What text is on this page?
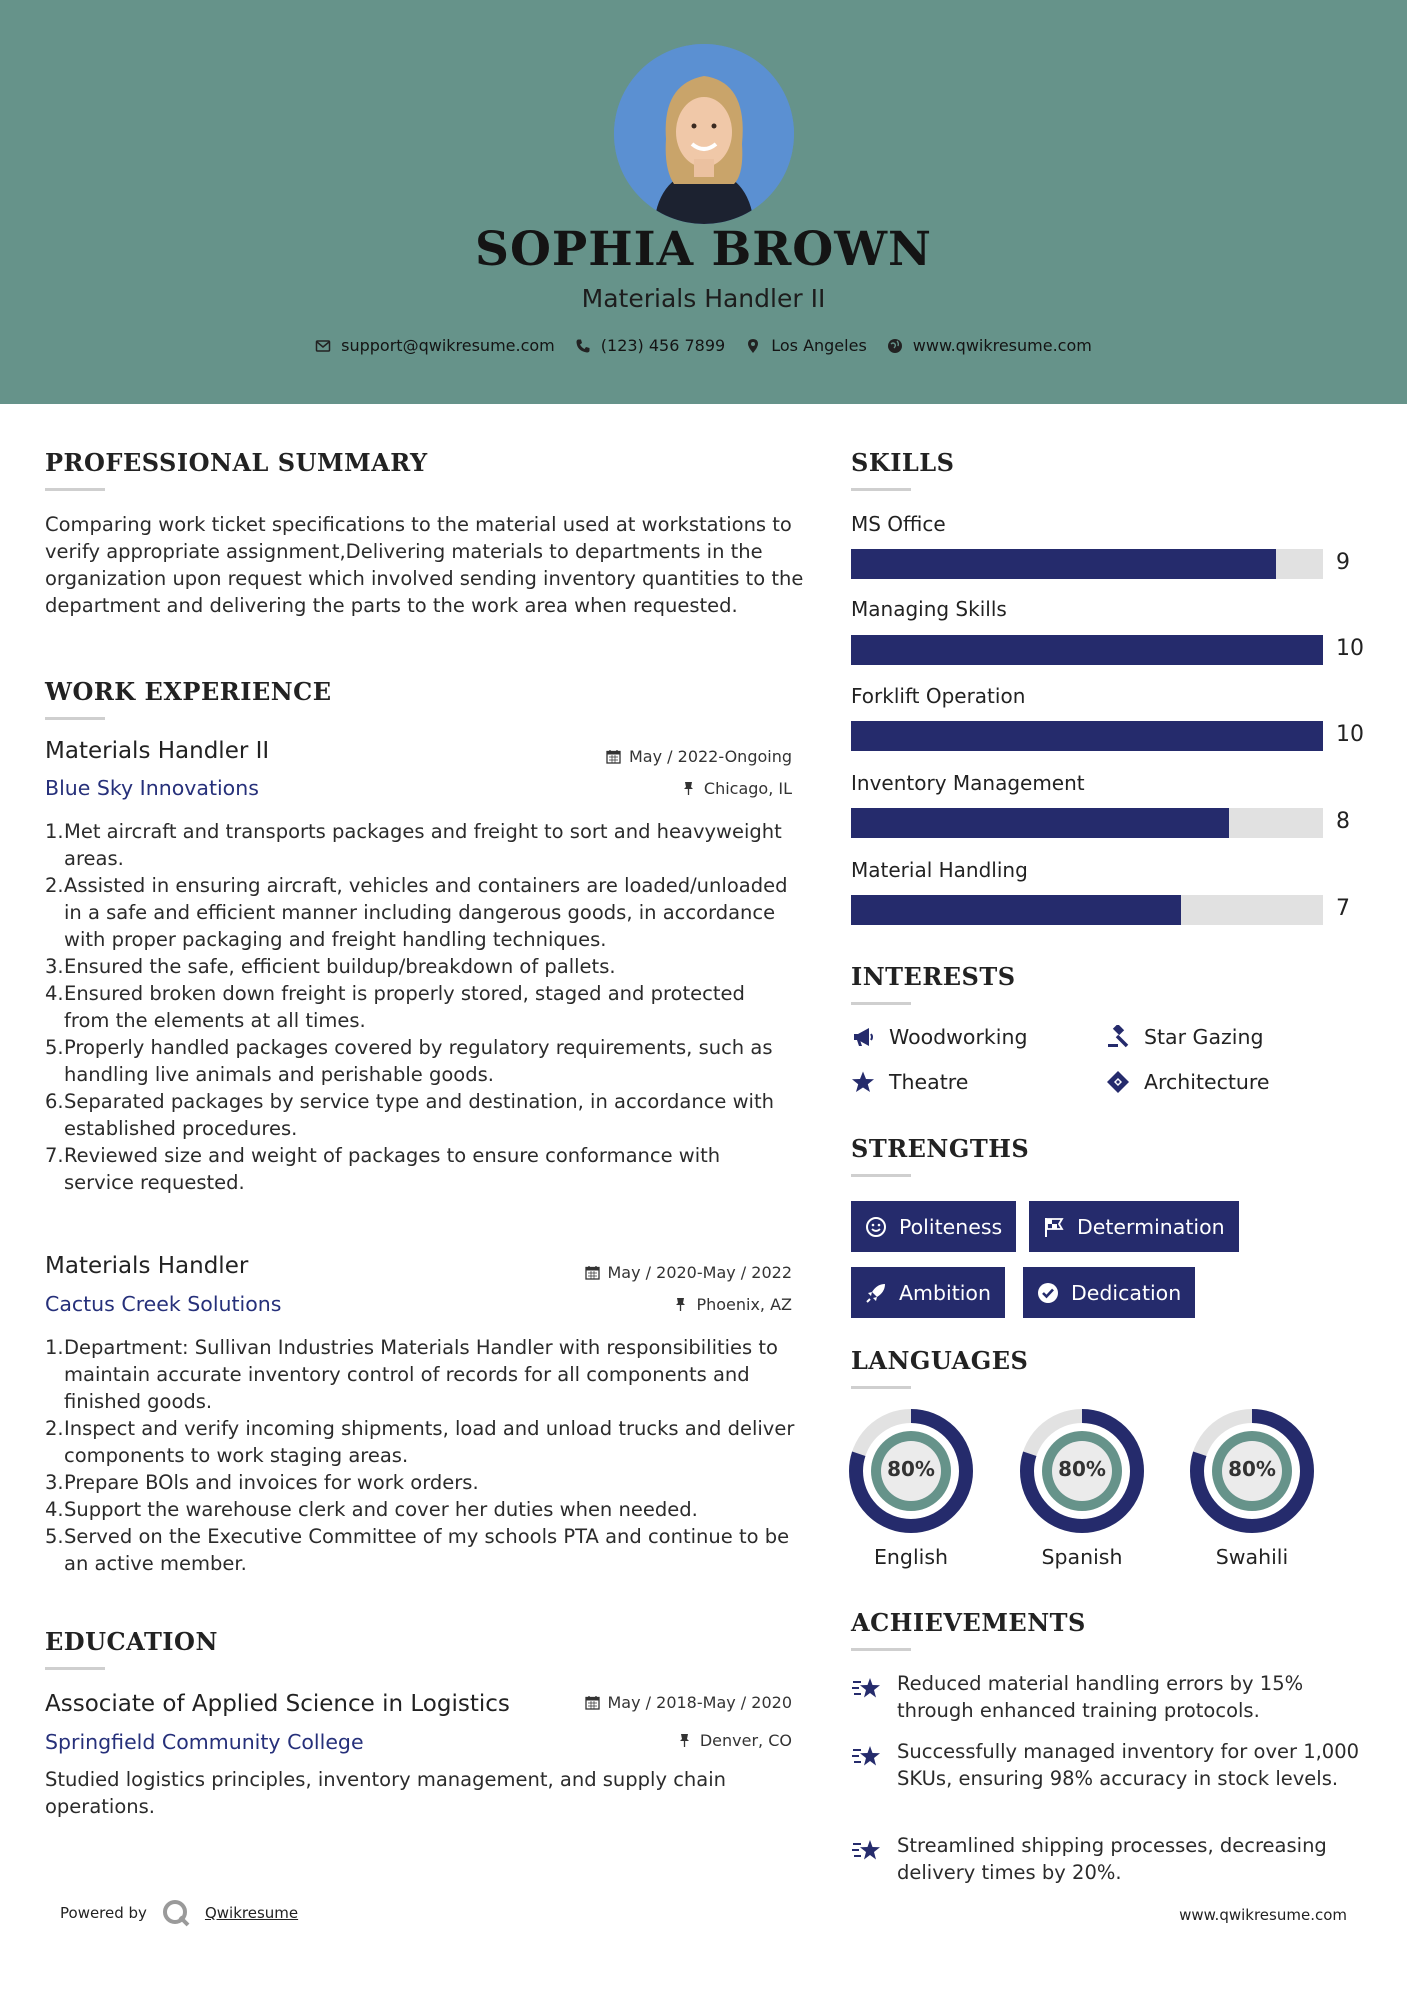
SOPHIA BROWN
Materials Handler II
support@qwikresume.com	(123) 456 7899	Los Angeles	www.qwikresume.com
PROFESSIONAL SUMMARY
Comparing work ticket specifications to the material used at workstations to verify appropriate assignment,Delivering materials to departments in the organization upon request which involved sending inventory quantities to the department and delivering the parts to the work area when requested.
WORK EXPERIENCE
Materials Handler II	May / 2022-Ongoing
Blue Sky Innovations	Chicago, IL
1. Met aircraft and transports packages and freight to sort and heavyweight areas.
2. Assisted in ensuring aircraft, vehicles and containers are loaded/unloaded in a safe and efficient manner including dangerous goods, in accordance with proper packaging and freight handling techniques.
3. Ensured the safe, efficient buildup/breakdown of pallets.
4. Ensured broken down freight is properly stored, staged and protected from the elements at all times.
5. Properly handled packages covered by regulatory requirements, such as handling live animals and perishable goods.
6. Separated packages by service type and destination, in accordance with established procedures.
7. Reviewed size and weight of packages to ensure conformance with service requested.
Materials Handler	May / 2020-May / 2022
Cactus Creek Solutions	Phoenix, AZ
1. Department: Sullivan Industries Materials Handler with responsibilities to maintain accurate inventory control of records for all components and finished goods.
2. Inspect and verify incoming shipments, load and unload trucks and deliver components to work staging areas.
3. Prepare BOls and invoices for work orders.
4. Support the warehouse clerk and cover her duties when needed.
5. Served on the Executive Committee of my schools PTA and continue to be an active member.
EDUCATION
Associate of Applied Science in Logistics	May / 2018-May / 2020
Springfield Community College	Denver, CO
Studied logistics principles, inventory management, and supply chain operations.
SKILLS
MS Office
9
Managing Skills
10
Forklift Operation
10
Inventory Management
8
Material Handling
7
INTERESTS
Woodworking	Star Gazing
Theatre	Architecture
STRENGTHS
Politeness	Determination
Ambition	Dedication
LANGUAGES
80%
English
80%
Spanish
80%
Swahili
ACHIEVEMENTS
Reduced material handling errors by 15% through enhanced training protocols.
Successfully managed inventory for over 1,000 SKUs, ensuring 98% accuracy in stock levels.
Streamlined shipping processes, decreasing delivery times by 20%.
Powered by	Qwikresume	www.qwikresume.com
